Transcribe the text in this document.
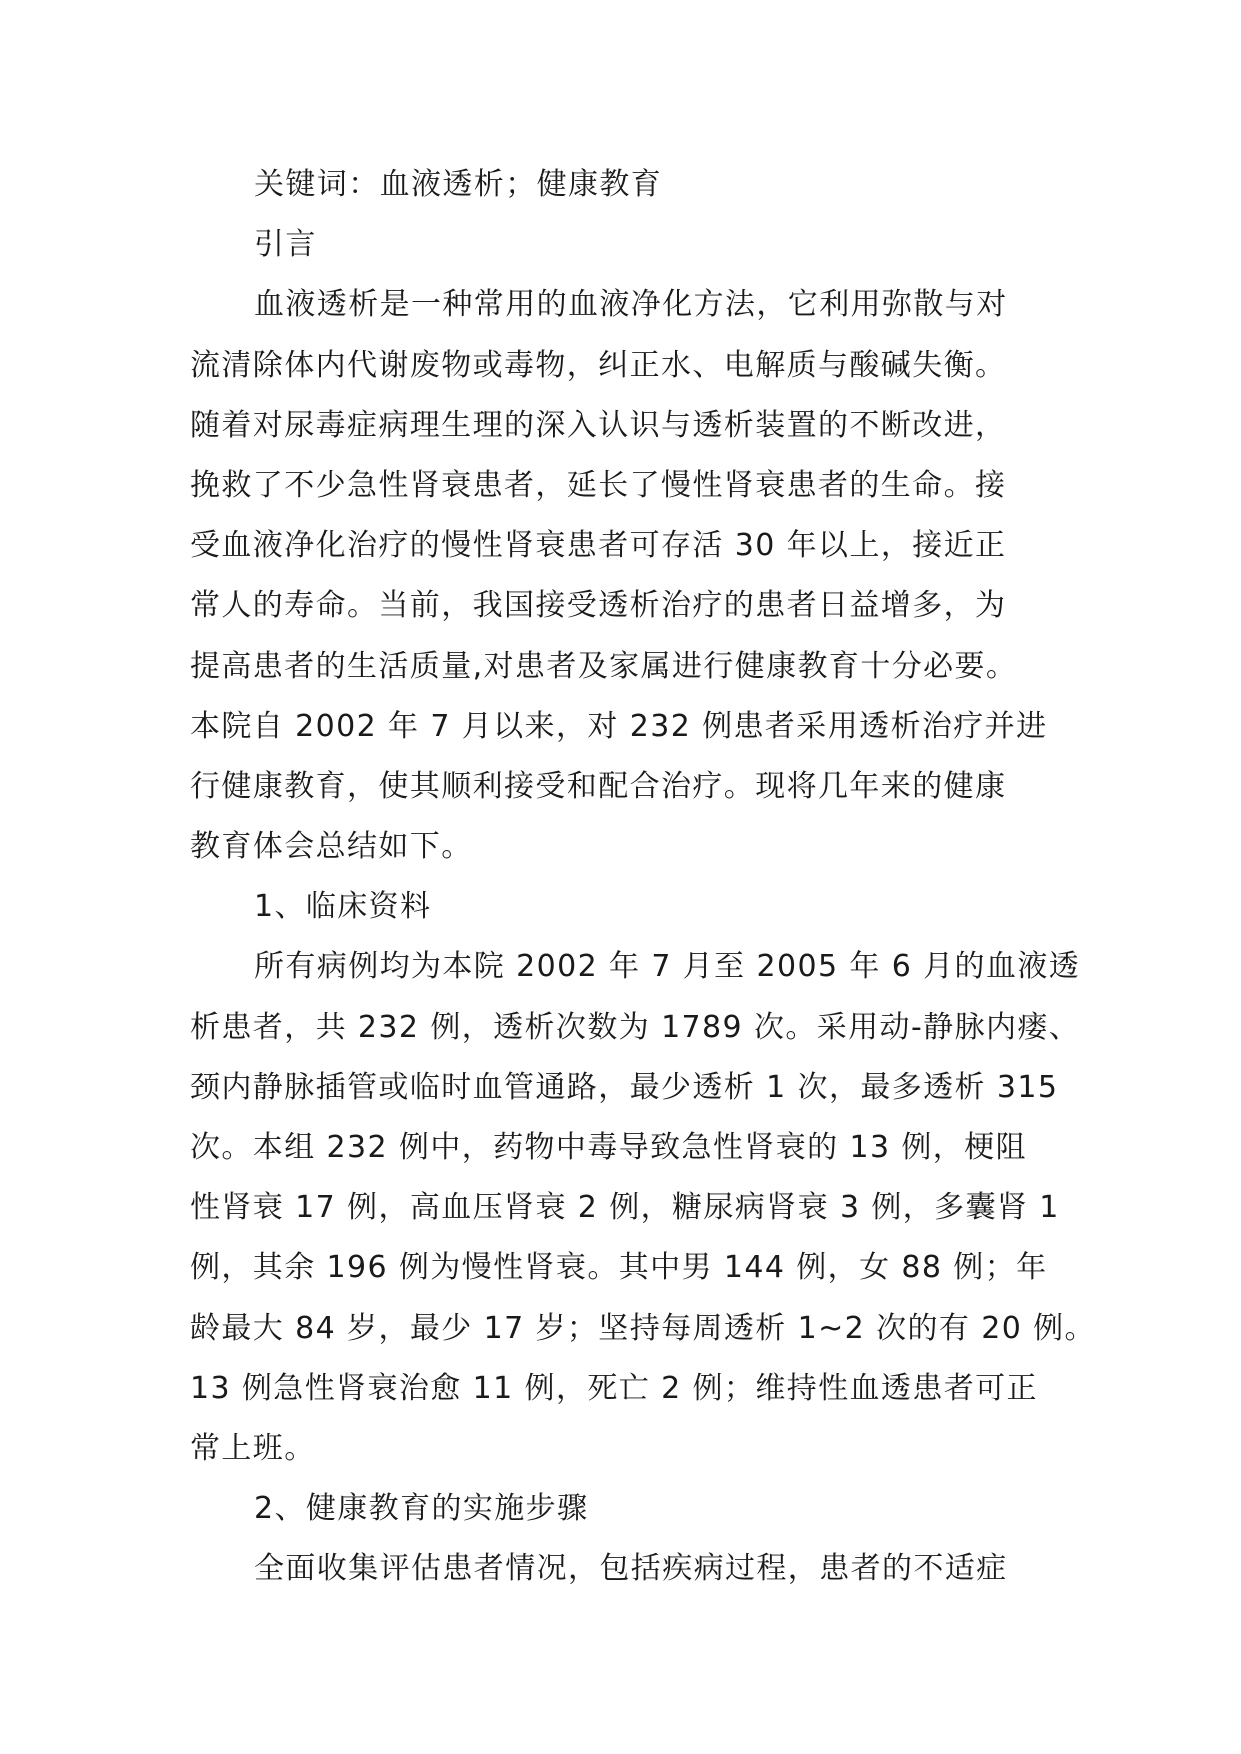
关键词：血液透析；健康教育
引言
血液透析是一种常用的血液净化方法，它利用弥散与对
流清除体内代谢废物或毒物，纠正水、电解质与酸碱失衡。
随着对尿毒症病理生理的深入认识与透析装置的不断改进，
挽救了不少急性肾衰患者，延长了慢性肾衰患者的生命。接
受血液净化治疗的慢性肾衰患者可存活 30 年以上，接近正
常人的寿命。当前，我国接受透析治疗的患者日益增多，为
提高患者的生活质量,对患者及家属进行健康教育十分必要。
本院自 2002 年 7 月以来，对 232 例患者采用透析治疗并进
行健康教育，使其顺利接受和配合治疗。现将几年来的健康
教育体会总结如下。
1、临床资料
所有病例均为本院 2002 年 7 月至 2005 年 6 月的血液透
析患者，共 232 例，透析次数为 1789 次。采用动-静脉内瘘、
颈内静脉插管或临时血管通路，最少透析 1 次，最多透析 315
次。本组 232 例中，药物中毒导致急性肾衰的 13 例，梗阻
性肾衰 17 例，高血压肾衰 2 例，糖尿病肾衰 3 例，多囊肾 1
例，其余 196 例为慢性肾衰。其中男 144 例，女 88 例；年
龄最大 84 岁，最少 17 岁；坚持每周透析 1~2 次的有 20 例。
13 例急性肾衰治愈 11 例，死亡 2 例；维持性血透患者可正
常上班。
2、健康教育的实施步骤
全面收集评估患者情况，包括疾病过程，患者的不适症
